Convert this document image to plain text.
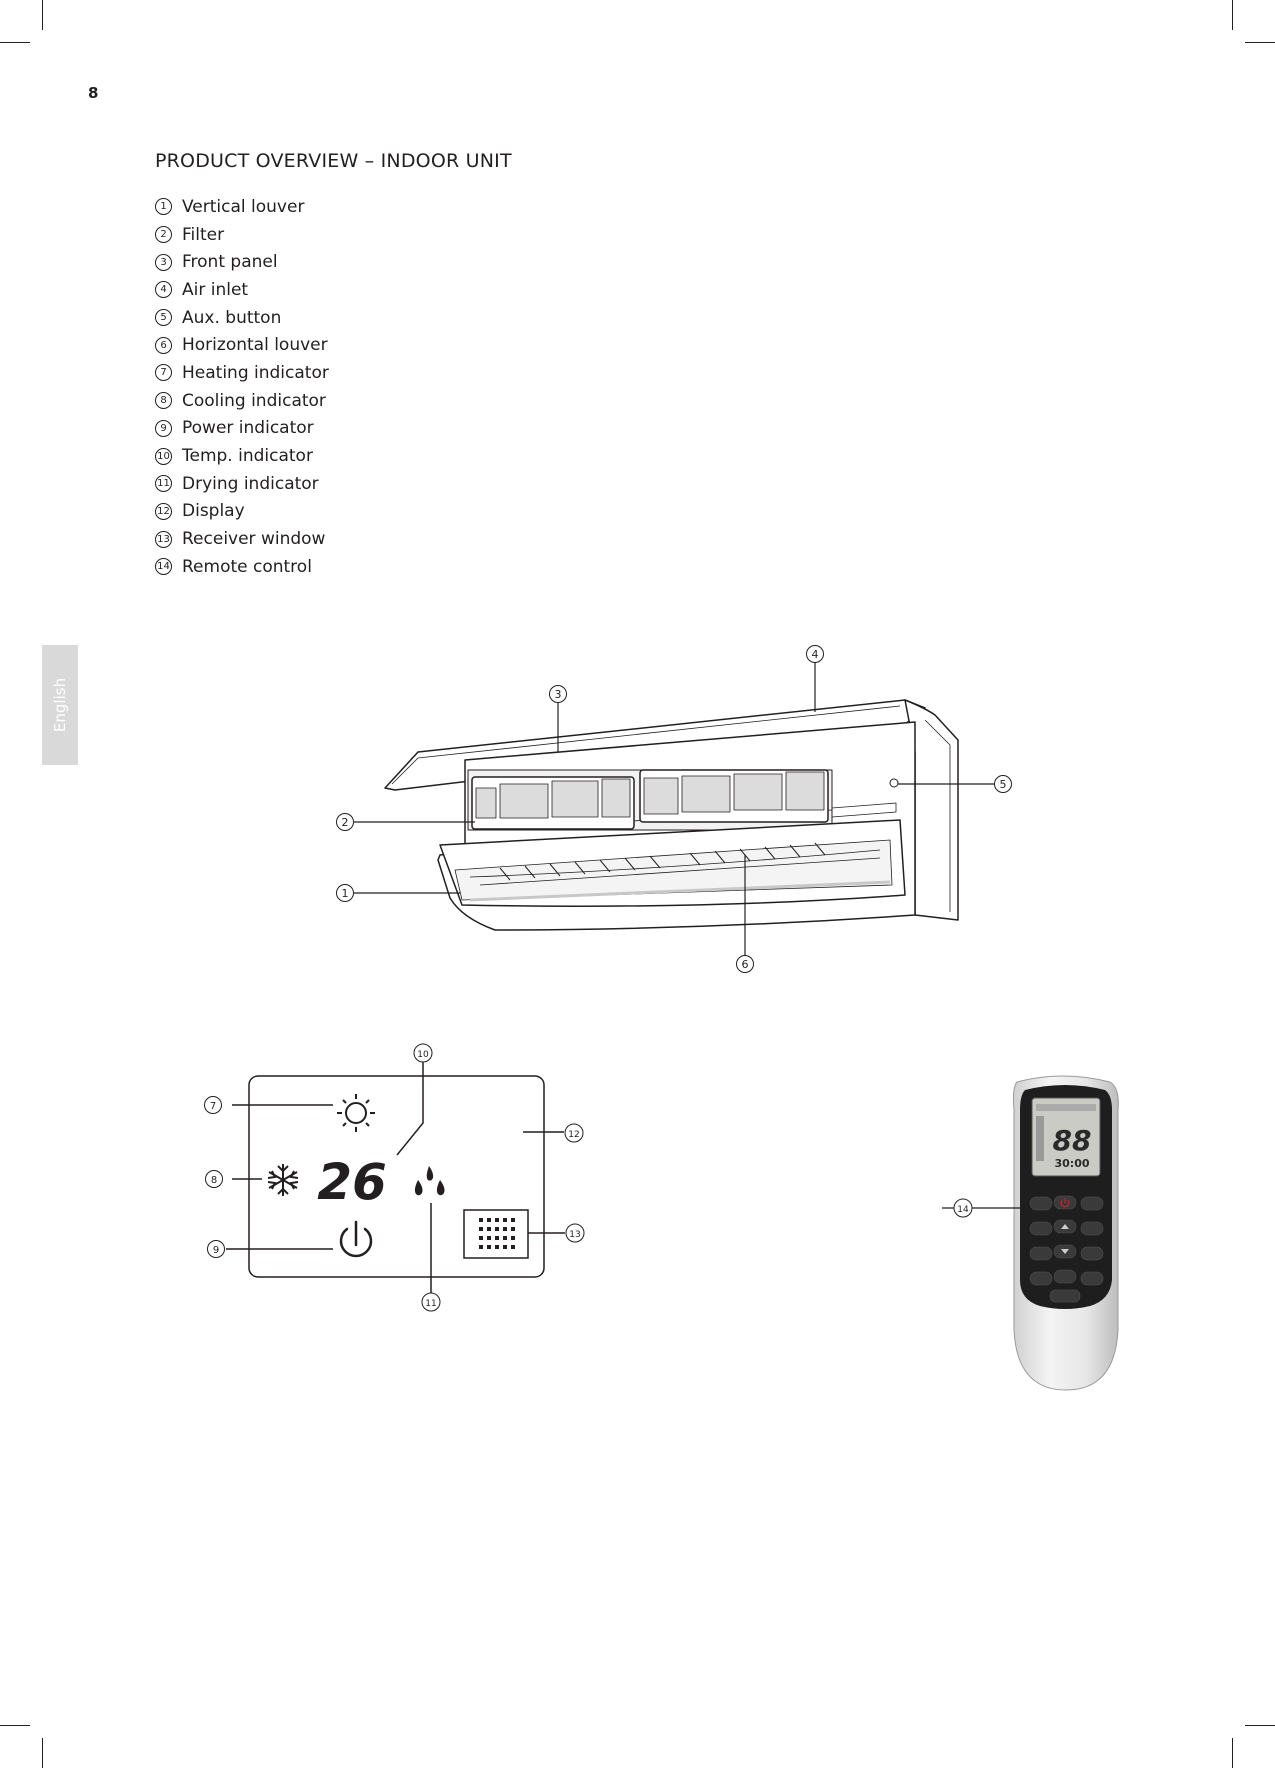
8
PRODUCT OVERVIEW – INDOOR UNIT
1 Vertical louver
2 Filter
3 Front panel
4 Air inlet
5 Aux. button
6 Horizontal louver
7 Heating indicator
8 Cooling indicator
9 Power indicator
10 Temp. indicator
11 Drying indicator
12 Display
13 Receiver window
14 Remote control
English	3
4
5
2
1
6
26
7
8
9
10
11
12
13
88
30:00
14
